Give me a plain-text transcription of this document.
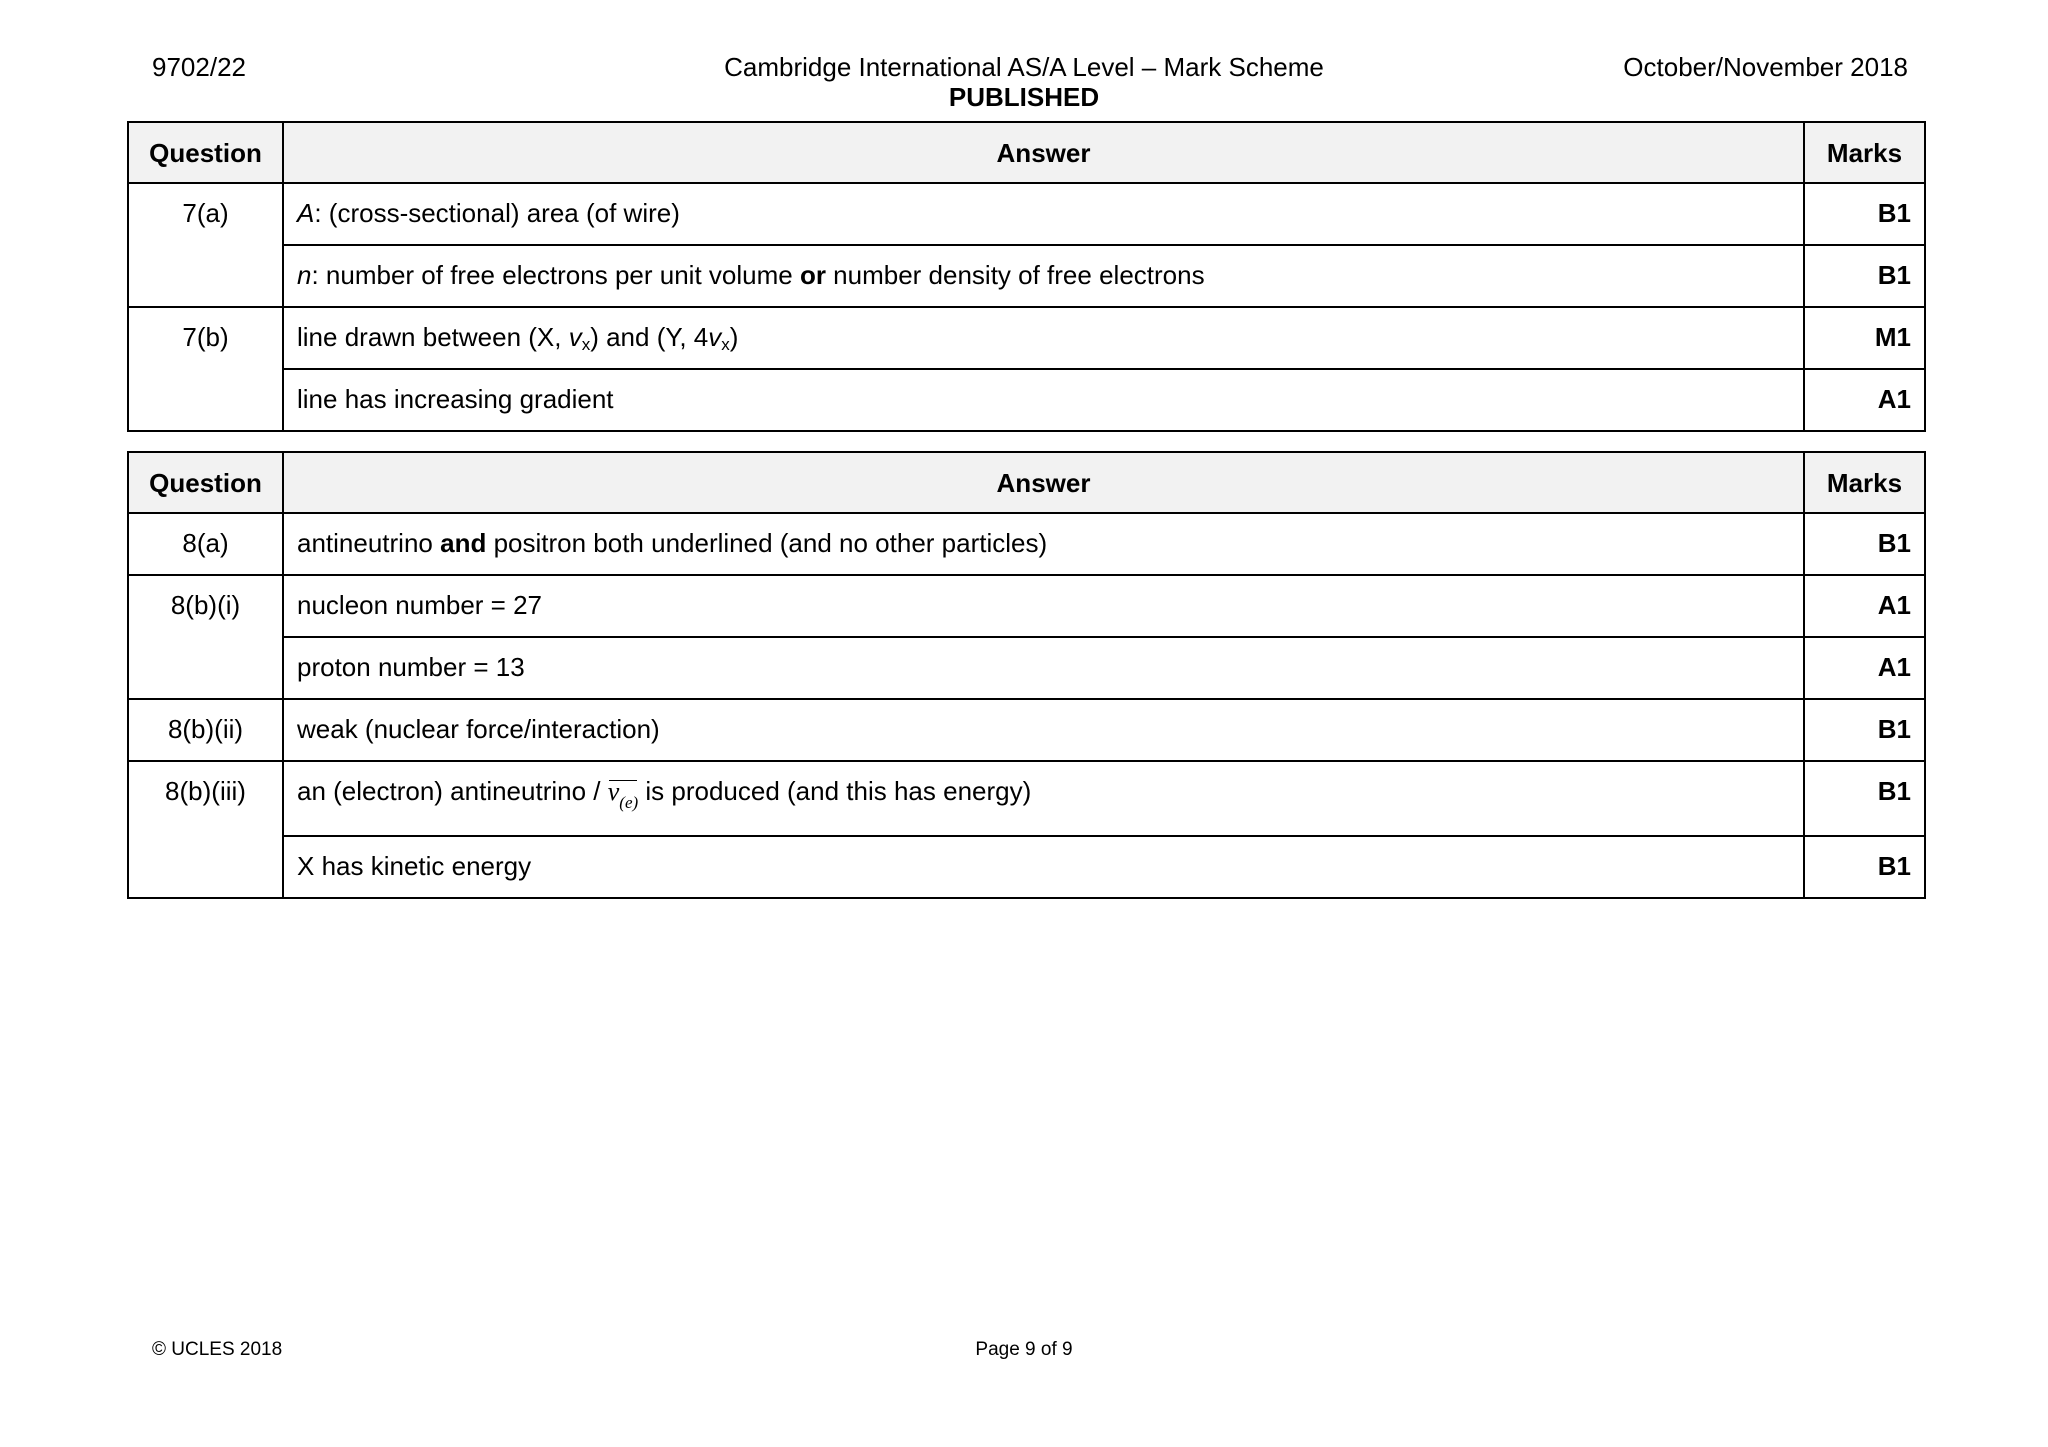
9702/22	Cambridge International AS/A Level – Mark Scheme
PUBLISHED
October/November 2018
Question	Answer	Marks
7(a)	A: (cross-sectional) area (of wire)	B1
	n: number of free electrons per unit volume or number density of free electrons	B1
7(b)	line drawn between (X, $v_x$) and (Y, $4v_x$)	M1
	line has increasing gradient	A1
Question	Answer	Marks
8(a)	antineutrino and positron both underlined (and no other particles)	B1
8(b)(i)	nucleon number = 27	A1
	proton number = 13	A1
8(b)(ii)	weak (nuclear force/interaction)	B1
8(b)(iii)	an (electron) antineutrino /
$\nu_{(e)}$ is produced (and this has energy)	B1
	X has kinetic energy	B1
© UCLES 2018	Page 9 of 9
